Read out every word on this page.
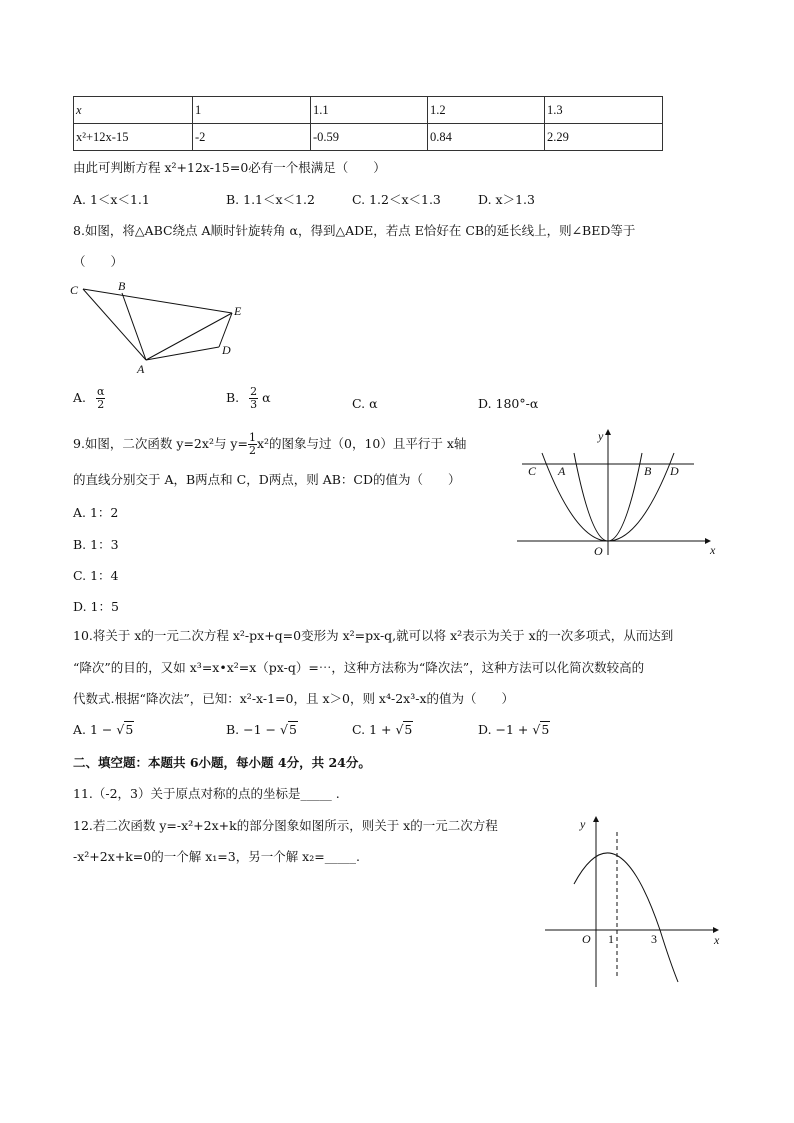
x	1	1.1	1.2	1.3
x²+12x-15	-2	-0.59	0.84	2.29
由此可判断方程 x²+12x-15=0必有一个根满足（　　）
A. 1＜x＜1.1	B. 1.1＜x＜1.2	C. 1.2＜x＜1.3	D. x＞1.3
8.如图，将△ABC绕点 A顺时针旋转角 α，得到△ADE，若点 E恰好在 CB的延长线上，则∠BED等于
（　　）
C	B
E
D
A
A. $\frac{\alpha}{2}$	B. $\frac{2}{3}$ α	C. α	D. 180°-α
9.如图，二次函数 y=2x²与 $y= \frac{1}{2} x^2$的图象与过（0，10）且平行于 x轴
的直线分别交于 A，B两点和 C，D两点，则 AB：CD的值为（　　）
A. 1：2
B. 1：3
C. 1：4
D. 1：5
y
x
O
C A	B D
10.将关于 x的一元二次方程 x²-px+q=0变形为 x²=px-q,就可以将 x²表示为关于 x的一次多项式，从而达到
“降次”的目的，又如 x³=x•x²=x（px-q）=⋯，这种方法称为“降次法”，这种方法可以化简次数较高的
代数式.根据“降次法”，已知：x²-x-1=0，且 x＞0，则 x⁴-2x³-x的值为（　　）
A. 1 − √5	B. −1 − √5	C. 1 + √5	D. −1 + √5
二、填空题：本题共 6小题，每小题 4分，共 24分。
11.（-2，3）关于原点对称的点的坐标是_____ .
12.若二次函数 y=-x²+2x+k的部分图象如图所示，则关于 x的一元二次方程
-x²+2x+k=0的一个解 x₁=3，另一个解 x₂=_____.
y
x
O 1	3
